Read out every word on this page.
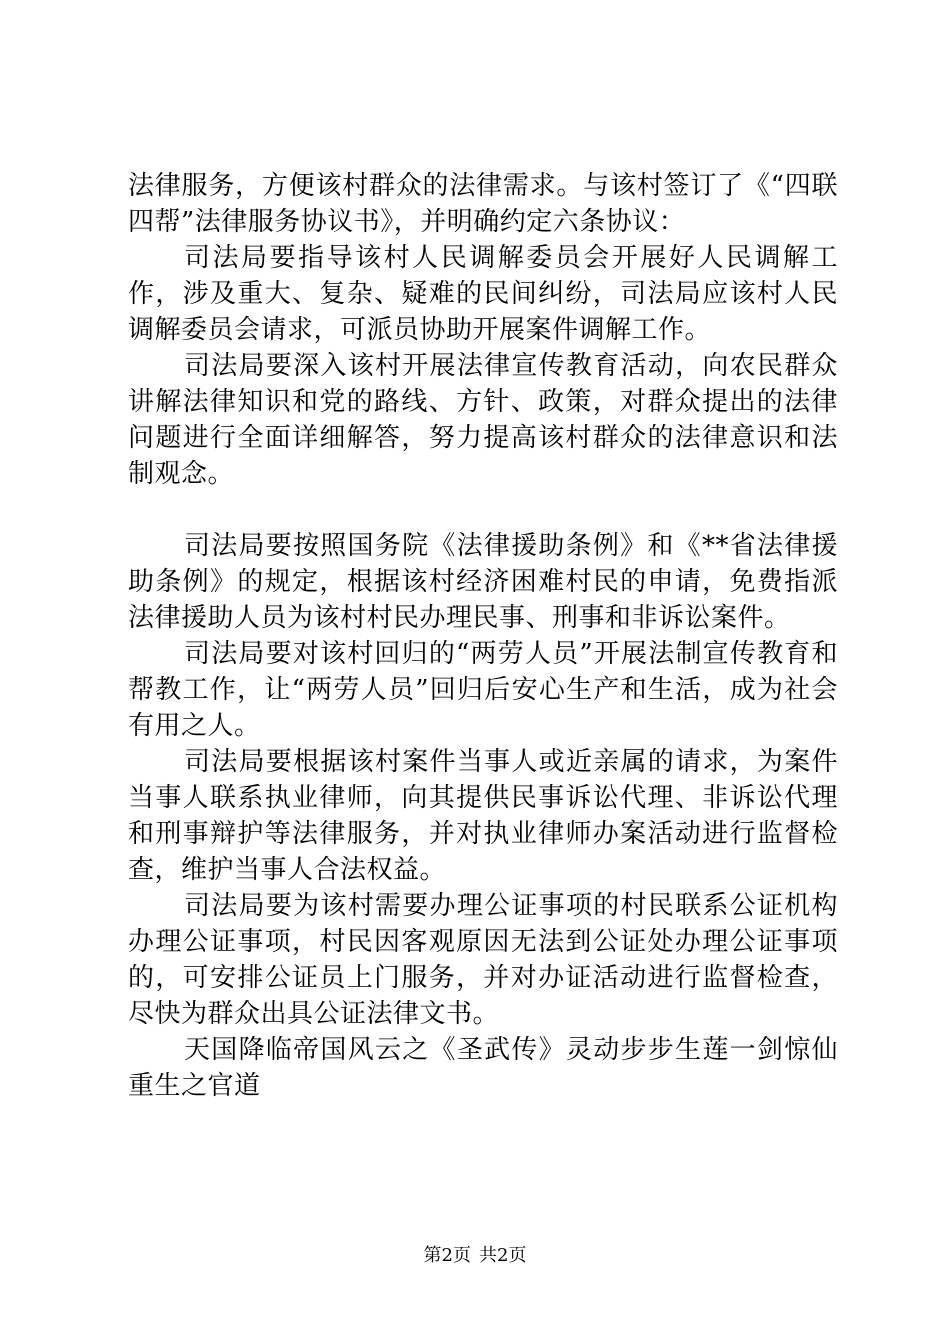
法律服务，方便该村群众的法律需求。与该村签订了《“四联四帮”法律服务协议书》，并明确约定六条协议：

司法局要指导该村人民调解委员会开展好人民调解工作，涉及重大、复杂、疑难的民间纠纷，司法局应该村人民调解委员会请求，可派员协助开展案件调解工作。

司法局要深入该村开展法律宣传教育活动，向农民群众讲解法律知识和党的路线、方针、政策，对群众提出的法律问题进行全面详细解答，努力提高该村群众的法律意识和法制观念。

司法局要按照国务院《法律援助条例》和《**省法律援助条例》的规定，根据该村经济困难村民的申请，免费指派法律援助人员为该村村民办理民事、刑事和非诉讼案件。

司法局要对该村回归的“两劳人员”开展法制宣传教育和帮教工作，让“两劳人员”回归后安心生产和生活，成为社会有用之人。

司法局要根据该村案件当事人或近亲属的请求，为案件当事人联系执业律师，向其提供民事诉讼代理、非诉讼代理和刑事辩护等法律服务，并对执业律师办案活动进行监督检查，维护当事人合法权益。

司法局要为该村需要办理公证事项的村民联系公证机构办理公证事项，村民因客观原因无法到公证处办理公证事项的，可安排公证员上门服务，并对办证活动进行监督检查，尽快为群众出具公证法律文书。

天国降临帝国风云之《圣武传》灵动步步生莲一剑惊仙重生之官道

第2页 共2页
